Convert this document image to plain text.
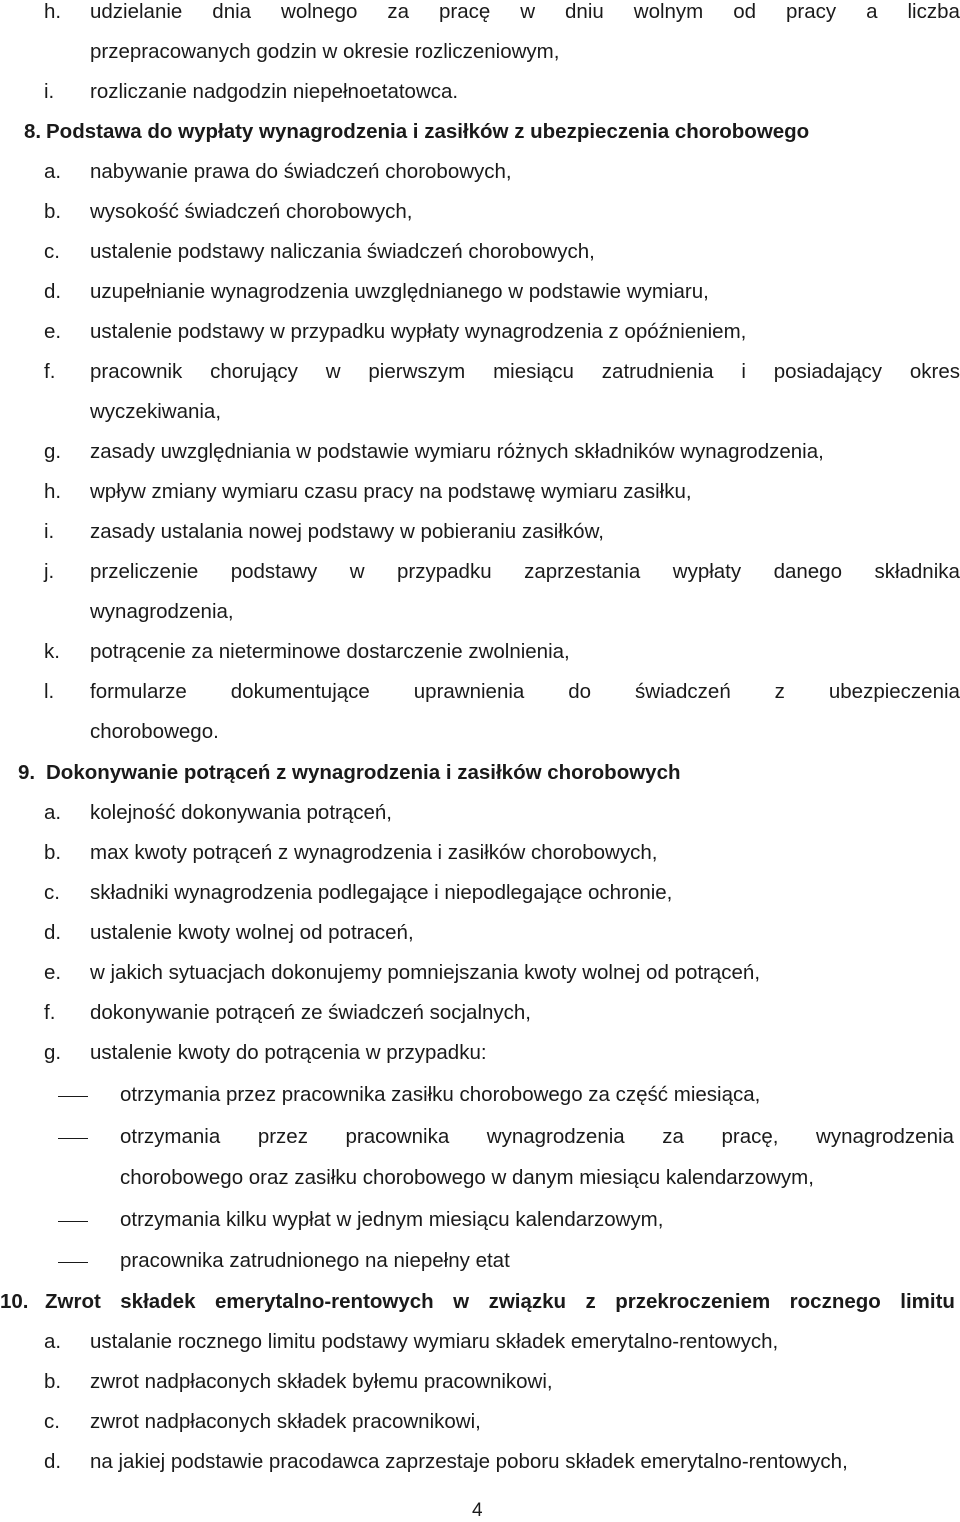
h. udzielanie dnia wolnego za pracę w dniu wolnym od pracy a liczba
przepracowanych godzin w okresie rozliczeniowym,
i. rozliczanie nadgodzin niepełnoetatowca.
8. Podstawa do wypłaty wynagrodzenia i zasiłków z ubezpieczenia chorobowego
a. nabywanie prawa do świadczeń chorobowych,
b. wysokość świadczeń chorobowych,
c. ustalenie podstawy naliczania świadczeń chorobowych,
d. uzupełnianie wynagrodzenia uwzględnianego w podstawie wymiaru,
e. ustalenie podstawy w przypadku wypłaty wynagrodzenia z opóźnieniem,
f. pracownik chorujący w pierwszym miesiącu zatrudnienia i posiadający okres
wyczekiwania,
g. zasady uwzględniania w podstawie wymiaru różnych składników wynagrodzenia,
h. wpływ zmiany wymiaru czasu pracy na podstawę wymiaru zasiłku,
i. zasady ustalania nowej podstawy w pobieraniu zasiłków,
j. przeliczenie podstawy w przypadku zaprzestania wypłaty danego składnika
wynagrodzenia,
k. potrącenie za nieterminowe dostarczenie zwolnienia,
l. formularze dokumentujące uprawnienia do świadczeń z ubezpieczenia
chorobowego.
9. Dokonywanie potrąceń z wynagrodzenia i zasiłków chorobowych
a. kolejność dokonywania potrąceń,
b. max kwoty potrąceń z wynagrodzenia i zasiłków chorobowych,
c. składniki wynagrodzenia podlegające i niepodlegające ochronie,
d. ustalenie kwoty wolnej od potraceń,
e. w jakich sytuacjach dokonujemy pomniejszania kwoty wolnej od potrąceń,
f. dokonywanie potrąceń ze świadczeń socjalnych,
g. ustalenie kwoty do potrącenia w przypadku:
otrzymania przez pracownika zasiłku chorobowego za część miesiąca,
otrzymania przez pracownika wynagrodzenia za pracę, wynagrodzenia
chorobowego oraz zasiłku chorobowego w danym miesiącu kalendarzowym,
otrzymania kilku wypłat w jednym miesiącu kalendarzowym,
pracownika zatrudnionego na niepełny etat
10. Zwrot składek emerytalno-rentowych w związku z przekroczeniem rocznego limitu
a. ustalanie rocznego limitu podstawy wymiaru składek emerytalno-rentowych,
b. zwrot nadpłaconych składek byłemu pracownikowi,
c. zwrot nadpłaconych składek pracownikowi,
d. na jakiej podstawie pracodawca zaprzestaje poboru składek emerytalno-rentowych,
4
